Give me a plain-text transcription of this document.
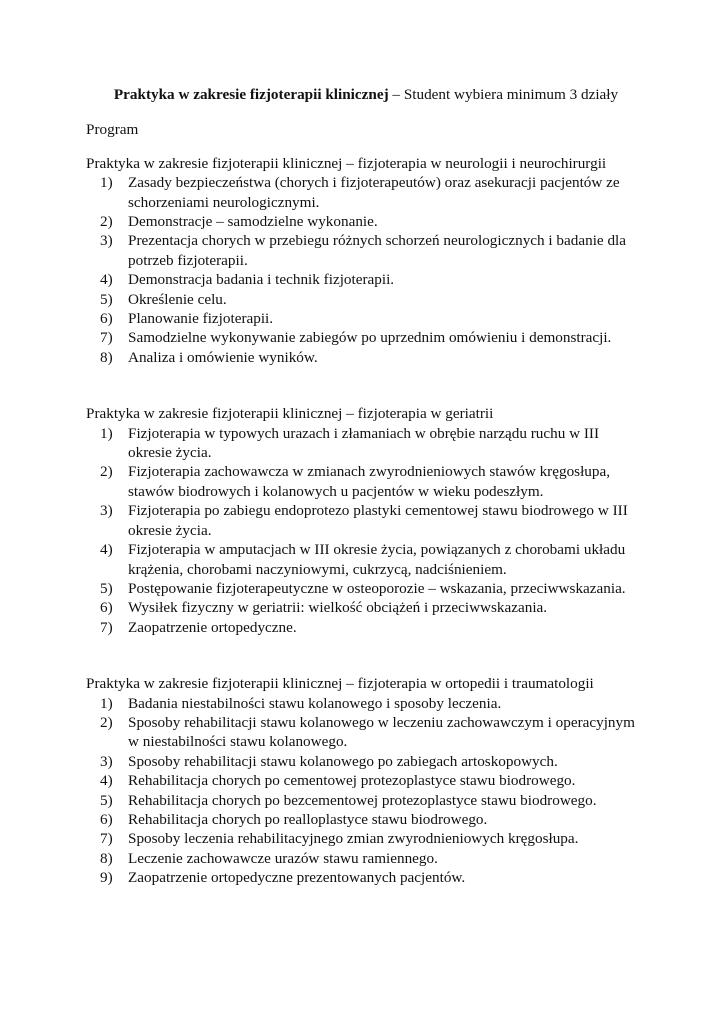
Praktyka w zakresie fizjoterapii klinicznej – Student wybiera minimum 3 działy

Program

Praktyka w zakresie fizjoterapii klinicznej – fizjoterapia w neurologii i neurochirurgii

1) Zasady bezpieczeństwa (chorych i fizjoterapeutów) oraz asekuracji pacjentów ze schorzeniami neurologicznymi.
2) Demonstracje – samodzielne wykonanie.
3) Prezentacja chorych w przebiegu różnych schorzeń neurologicznych i badanie dla potrzeb fizjoterapii.
4) Demonstracja badania i technik fizjoterapii.
5) Określenie celu.
6) Planowanie fizjoterapii.
7) Samodzielne wykonywanie zabiegów po uprzednim omówieniu i demonstracji.
8) Analiza i omówienie wyników.

Praktyka w zakresie fizjoterapii klinicznej – fizjoterapia w geriatrii

1) Fizjoterapia w typowych urazach i złamaniach w obrębie narządu ruchu w III okresie życia.
2) Fizjoterapia zachowawcza w zmianach zwyrodnieniowych stawów kręgosłupa, stawów biodrowych i kolanowych u pacjentów w wieku podeszłym.
3) Fizjoterapia po zabiegu endoprotezo plastyki cementowej stawu biodrowego w III okresie życia.
4) Fizjoterapia w amputacjach w III okresie życia, powiązanych z chorobami układu krążenia, chorobami naczyniowymi, cukrzycą, nadciśnieniem.
5) Postępowanie fizjoterapeutyczne w osteoporozie – wskazania, przeciwwskazania.
6) Wysiłek fizyczny w geriatrii: wielkość obciążeń i przeciwwskazania.
7) Zaopatrzenie ortopedyczne.

Praktyka w zakresie fizjoterapii klinicznej – fizjoterapia w ortopedii i traumatologii

1) Badania niestabilności stawu kolanowego i sposoby leczenia.
2) Sposoby rehabilitacji stawu kolanowego w leczeniu zachowawczym i operacyjnym w niestabilności stawu kolanowego.
3) Sposoby rehabilitacji stawu kolanowego po zabiegach artoskopowych.
4) Rehabilitacja chorych po cementowej protezoplastyce stawu biodrowego.
5) Rehabilitacja chorych po bezcementowej protezoplastyce stawu biodrowego.
6) Rehabilitacja chorych po realloplastyce stawu biodrowego.
7) Sposoby leczenia rehabilitacyjnego zmian zwyrodnieniowych kręgosłupa.
8) Leczenie zachowawcze urazów stawu ramiennego.
9) Zaopatrzenie ortopedyczne prezentowanych pacjentów.
